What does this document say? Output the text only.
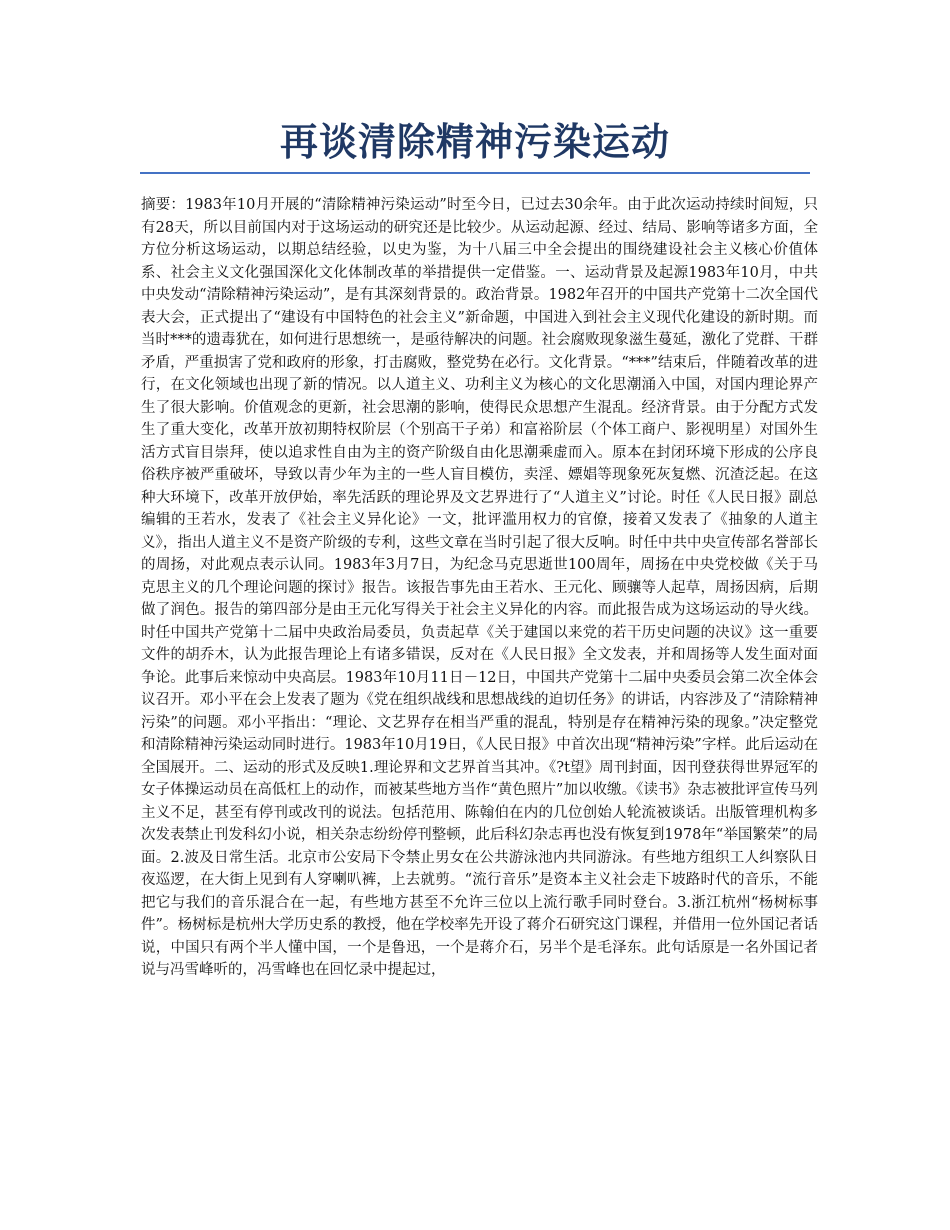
再谈清除精神污染运动

摘要：1983年10月开展的“清除精神污染运动”时至今日，已过去30余年。由于此次运动持续时间短，只有28天，所以目前国内对于这场运动的研究还是比较少。从运动起源、经过、结局、影响等诸多方面，全方位分析这场运动，以期总结经验，以史为鉴，为十八届三中全会提出的围绕建设社会主义核心价值体系、社会主义文化强国深化文化体制改革的举措提供一定借鉴。一、运动背景及起源1983年10月，中共中央发动“清除精神污染运动”，是有其深刻背景的。政治背景。1982年召开的中国共产党第十二次全国代表大会，正式提出了“建设有中国特色的社会主义”新命题，中国进入到社会主义现代化建设的新时期。而当时***的遗毒犹在，如何进行思想统一，是亟待解决的问题。社会腐败现象滋生蔓延，激化了党群、干群矛盾，严重损害了党和政府的形象，打击腐败，整党势在必行。文化背景。“***”结束后，伴随着改革的进行，在文化领域也出现了新的情况。以人道主义、功利主义为核心的文化思潮涌入中国，对国内理论界产生了很大影响。价值观念的更新，社会思潮的影响，使得民众思想产生混乱。经济背景。由于分配方式发生了重大变化，改革开放初期特权阶层（个别高干子弟）和富裕阶层（个体工商户、影视明星）对国外生活方式盲目崇拜，使以追求性自由为主的资产阶级自由化思潮乘虚而入。原本在封闭环境下形成的公序良俗秩序被严重破坏，导致以青少年为主的一些人盲目模仿，卖淫、嫖娼等现象死灰复燃、沉渣泛起。在这种大环境下，改革开放伊始，率先活跃的理论界及文艺界进行了“人道主义”讨论。时任《人民日报》副总编辑的王若水，发表了《社会主义异化论》一文，批评滥用权力的官僚，接着又发表了《抽象的人道主义》，指出人道主义不是资产阶级的专利，这些文章在当时引起了很大反响。时任中共中央宣传部名誉部长的周扬，对此观点表示认同。1983年3月7日，为纪念马克思逝世100周年，周扬在中央党校做《关于马克思主义的几个理论问题的探讨》报告。该报告事先由王若水、王元化、顾骧等人起草，周扬因病，后期做了润色。报告的第四部分是由王元化写得关于社会主义异化的内容。而此报告成为这场运动的导火线。时任中国共产党第十二届中央政治局委员，负责起草《关于建国以来党的若干历史问题的决议》这一重要文件的胡乔木，认为此报告理论上有诸多错误，反对在《人民日报》全文发表，并和周扬等人发生面对面争论。此事后来惊动中央高层。1983年10月11日－12日，中国共产党第十二届中央委员会第二次全体会议召开。邓小平在会上发表了题为《党在组织战线和思想战线的迫切任务》的讲话，内容涉及了“清除精神污染”的问题。邓小平指出：“理论、文艺界存在相当严重的混乱，特别是存在精神污染的现象。”决定整党和清除精神污染运动同时进行。1983年10月19日，《人民日报》中首次出现“精神污染”字样。此后运动在全国展开。二、运动的形式及反映1.理论界和文艺界首当其冲。《?t望》周刊封面，因刊登获得世界冠军的女子体操运动员在高低杠上的动作，而被某些地方当作“黄色照片”加以收缴。《读书》杂志被批评宣传马列主义不足，甚至有停刊或改刊的说法。包括范用、陈翰伯在内的几位创始人轮流被谈话。出版管理机构多次发表禁止刊发科幻小说，相关杂志纷纷停刊整顿，此后科幻杂志再也没有恢复到1978年“举国繁荣”的局面。2.波及日常生活。北京市公安局下令禁止男女在公共游泳池内共同游泳。有些地方组织工人纠察队日夜巡逻，在大街上见到有人穿喇叭裤，上去就剪。“流行音乐”是资本主义社会走下坡路时代的音乐，不能把它与我们的音乐混合在一起，有些地方甚至不允许三位以上流行歌手同时登台。3.浙江杭州“杨树标事件”。杨树标是杭州大学历史系的教授，他在学校率先开设了蒋介石研究这门课程，并借用一位外国记者话说，中国只有两个半人懂中国，一个是鲁迅，一个是蒋介石，另半个是毛泽东。此句话原是一名外国记者说与冯雪峰听的，冯雪峰也在回忆录中提起过，
